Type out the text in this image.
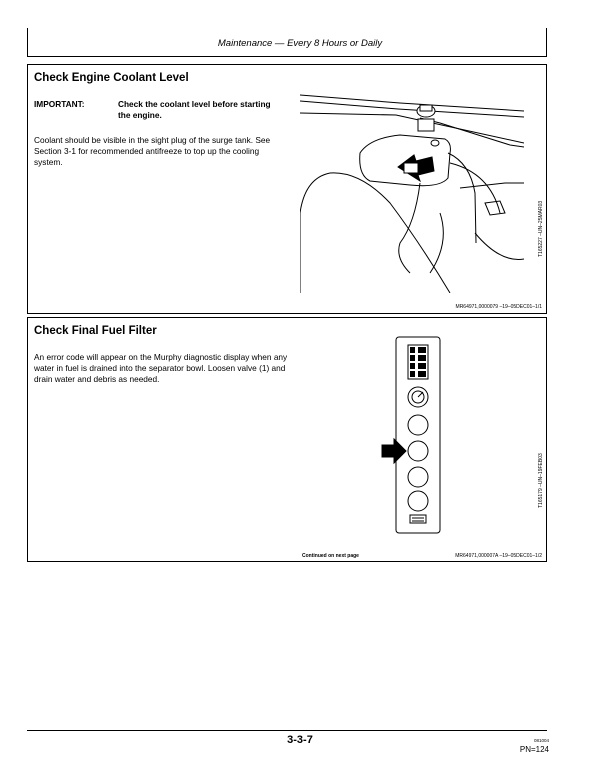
Maintenance — Every 8 Hours or Daily
Check Engine Coolant Level
IMPORTANT:	Check the coolant level before starting
the engine.
Coolant should be visible in the sight plug of the surge tank. See Section 3-1 for recommended antifreeze to top up the cooling system.
T165227 –UN–25MAR03
MR64971,0000079 –19–05DEC01–1/1
Check Final Fuel Filter
An error code will appear on the Murphy diagnostic display when any water in fuel is drained into the separator bowl. Loosen valve (1) and drain water and debris as needed.
T165179 –UN–19FEB03
Continued on next page	MR64971,000007A –19–05DEC01–1/2
3-3-7	081004
PN=124
